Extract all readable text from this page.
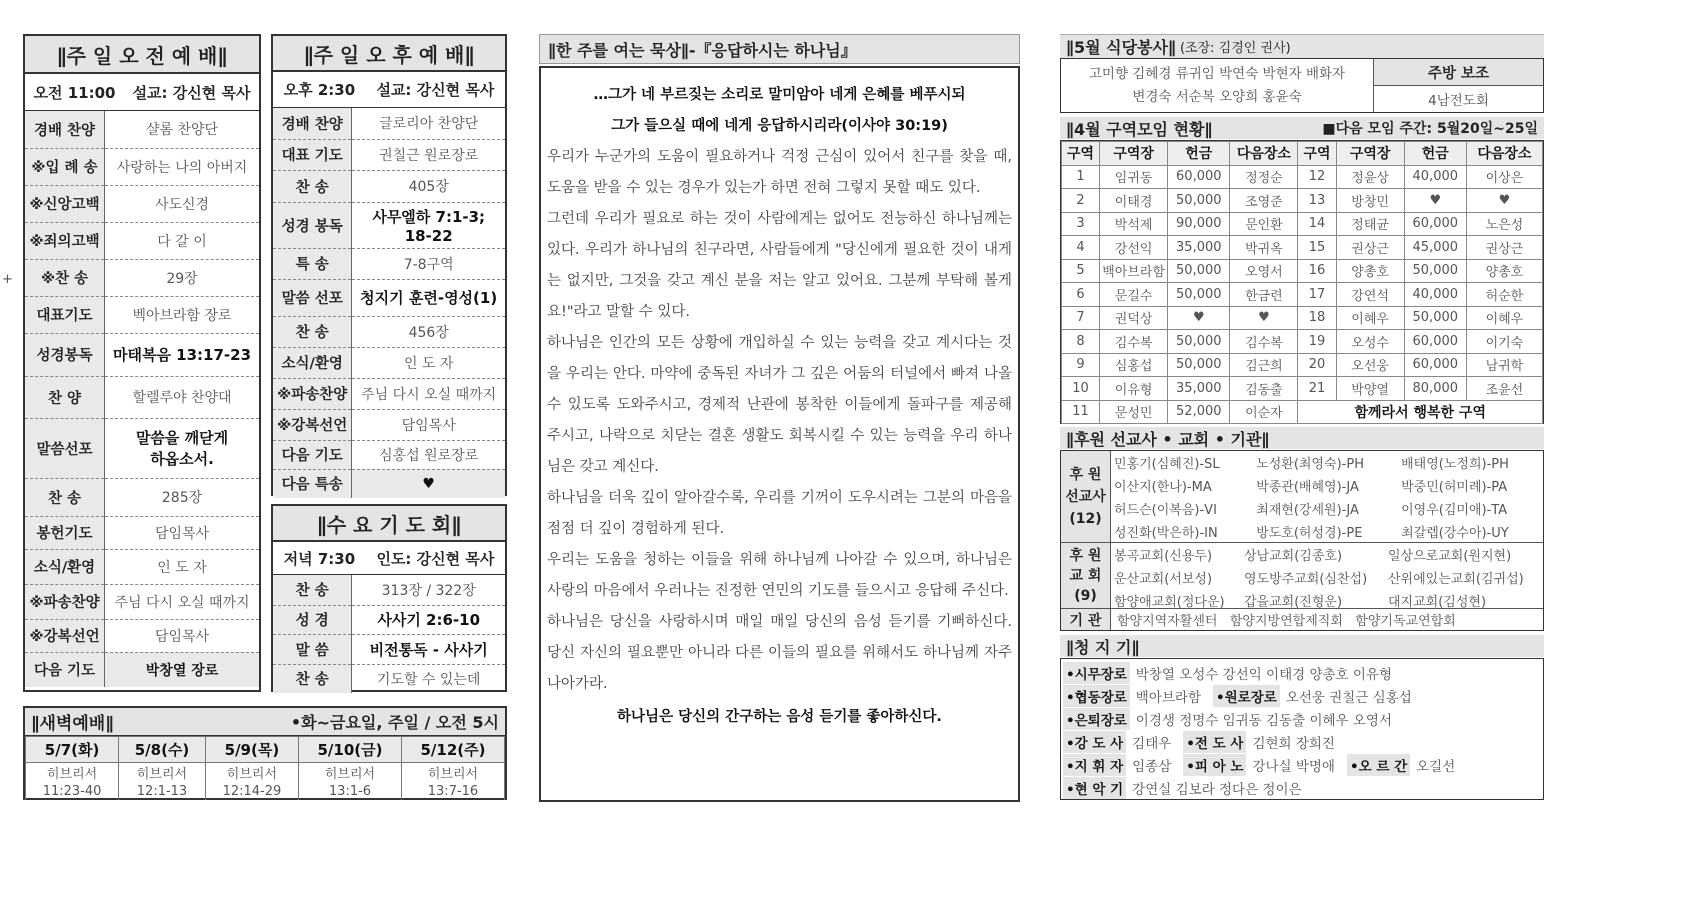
+
∥주 일 오 전 예 배∥
오전 11:00 설교: 강신현 목사
경배 찬양	샬롬 찬양단
※입 례 송	사랑하는 나의 아버지
※신앙고백	사도신경
※죄의고백	다 갈 이
※찬 송	29장
대표기도	벡아브라함 장로
성경봉독	마태복음 13:17-23
찬 양	할렐루야 찬양대
말씀선포	말씀을 깨닫게
하옵소서.
찬 송	285장
봉헌기도	담임목사
소식/환영	인 도 자
※파송찬양	주님 다시 오실 때까지
※강복선언	담임목사
다음 기도	박창열 장로
∥주 일 오 후 예 배∥
오후 2:30 설교: 강신현 목사
경배 찬양	글로리아 찬양단
대표 기도	권칠근 원로장로
찬 송	405장
성경 봉독	사무엘하 7:1-3;
18-22
특 송	7-8구역
말씀 선포	청지기 훈련-영성(1)
찬 송	456장
소식/환영	인 도 자
※파송찬양	주님 다시 오실 때까지
※강복선언	담임목사
다음 기도	심홍섭 원로장로
다음 특송	♥
∥수 요 기 도 회∥
저녁 7:30 인도: 강신현 목사
찬 송	313장 / 322장
성 경	사사기 2:6-10
말 씀	비전통독 - 사사기
찬 송	기도할 수 있는데
∥새벽예배∥	•화~금요일, 주일 / 오전 5시
5/7(화)	5/8(수)	5/9(목)	5/10(금)	5/12(주)
히브리서	히브리서	히브리서	히브리서	히브리서
11:23-40	12:1-13	12:14-29	13:1-6	13:7-16
∥한 주를 여는 묵상∥-『응답하시는 하나님』

…그가 네 부르짖는 소리로 말미암아 네게 은혜를 베푸시되

그가 들으실 때에 네게 응답하시리라(이사야 30:19)

우리가 누군가의 도움이 필요하거나 걱정 근심이 있어서 친구를 찾을 때, 도움을 받을 수 있는 경우가 있는가 하면 전혀 그렇지 못할 때도 있다.

그런데 우리가 필요로 하는 것이 사람에게는 없어도 전능하신 하나님께는 있다. 우리가 하나님의 친구라면, 사람들에게 "당신에게 필요한 것이 내게는 없지만, 그것을 갖고 계신 분을 저는 알고 있어요. 그분께 부탁해 볼게요!"라고 말할 수 있다.

하나님은 인간의 모든 상황에 개입하실 수 있는 능력을 갖고 계시다는 것을 우리는 안다. 마약에 중독된 자녀가 그 깊은 어둠의 터널에서 빠져 나올 수 있도록 도와주시고, 경제적 난관에 봉착한 이들에게 돌파구를 제공해 주시고, 나락으로 치닫는 결혼 생활도 회복시킬 수 있는 능력을 우리 하나님은 갖고 계신다.

하나님을 더욱 깊이 알아갈수록, 우리를 기꺼이 도우시려는 그분의 마음을 점점 더 깊이 경험하게 된다.

우리는 도움을 청하는 이들을 위해 하나님께 나아갈 수 있으며, 하나님은 사랑의 마음에서 우러나는 진정한 연민의 기도를 들으시고 응답해 주신다.

하나님은 당신을 사랑하시며 매일 매일 당신의 음성 듣기를 기뻐하신다. 당신 자신의 필요뿐만 아니라 다른 이들의 필요를 위해서도 하나님께 자주 나아가라.

하나님은 당신의 간구하는 음성 듣기를 좋아하신다.

∥5월 식당봉사∥ (조장: 김경인 권사)
고미향 김혜경 류귀임 박연숙 박현자 배화자
변경숙 서순복 오양희 홍윤숙
주방 보조
4남전도회
∥4월 구역모임 현황∥	■다음 모임 주간: 5월20일~25일
구역	구역장	헌금	다음장소	구역	구역장	헌금	다음장소
1	임귀동	60,000	정정순	12	정윤상	40,000	이상은
2	이태경	50,000	조영준	13	방창민	♥	♥
3	박석제	90,000	문인환	14	정태균	60,000	노은성
4	강선익	35,000	박귀옥	15	권상근	45,000	권상근
5	백아브라함	50,000	오영서	16	양총호	50,000	양총호
6	문길수	50,000	한금련	17	강연석	40,000	허순한
7	권덕상	♥	♥	18	이혜우	50,000	이혜우
8	김수복	50,000	김수복	19	오성수	60,000	이기숙
9	심홍섭	50,000	김근희	20	오선웅	60,000	남귀학
10	이유형	35,000	김동출	21	박양열	80,000	조윤선
11	문성민	52,000	이순자	함께라서 행복한 구역			
∥후원 선교사 • 교회 • 기관∥
후 원
선교사
(12)
민홍기(심혜진)-SL	노성환(최영숙)-PH	배태영(노정희)-PH
이산지(한나)-MA	박종관(배혜영)-JA	박중민(허미례)-PA
허드슨(이복음)-VI	최재현(강세원)-JA	이영우(김미애)-TA
성진화(박은하)-IN	방도호(허성경)-PE	최갈렙(강수아)-UY
후 원
교 회
(9)
봉곡교회(신용두)	상남교회(김종호)	일상으로교회(원지현)
운산교회(서보성)	영도방주교회(심찬섭)	산위에있는교회(김귀섭)
함양애교회(정다운)	갑을교회(진형운)	대지교회(김성현)
기 관	함양지역자활센터   함양지방연합제직회   함양기독교연합회
∥청 지 기∥
•시무장로 박창열 오성수 강선익 이태경 양총호 이유형
•협동장로 백아브라함 •원로장로 오선웅 권칠근 심홍섭
•은퇴장로 이경생 정명수 임귀동 김동출 이혜우 오영서
•강 도 사 김태우 •전 도 사 김현희 장희진
•지 휘 자 임종삼 •피 아 노 강나실 박명애 •오 르 간 오길선
•현 악 기 강연실 김보라 정다은 정이은
